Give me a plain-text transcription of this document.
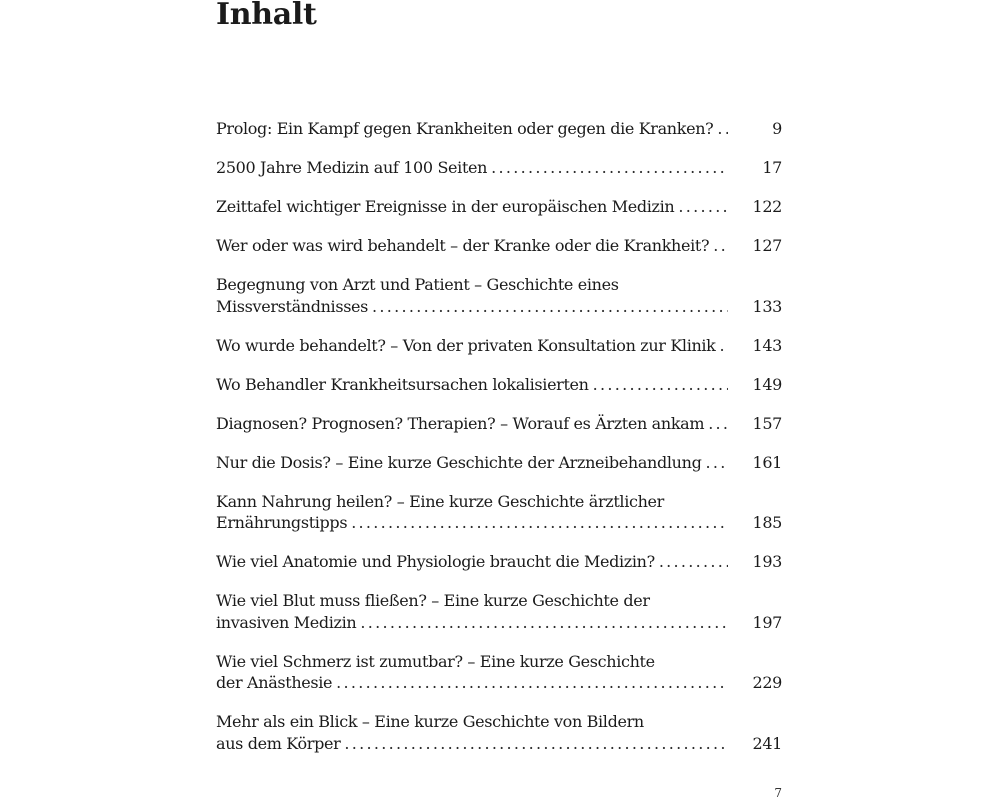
Inhalt
Prolog: Ein Kampf gegen Krankheiten oder gegen die Kranken? . . .	9
2500 Jahre Medizin auf 100 Seiten . . .	17
Zeittafel wichtiger Ereignisse in der europäischen Medizin . . .	122
Wer oder was wird behandelt – der Kranke oder die Krankheit? . . .	127
Begegnung von Arzt und Patient – Geschichte eines
Missverständnisses . . .	133
Wo wurde behandelt? – Von der privaten Konsultation zur Klinik . . .	143
Wo Behandler Krankheitsursachen lokalisierten . . .	149
Diagnosen? Prognosen? Therapien? – Worauf es Ärzten ankam . . .	157
Nur die Dosis? – Eine kurze Geschichte der Arzneibehandlung . . .	161
Kann Nahrung heilen? – Eine kurze Geschichte ärztlicher
Ernährungstipps . . .	185
Wie viel Anatomie und Physiologie braucht die Medizin? . . .	193
Wie viel Blut muss fließen? – Eine kurze Geschichte der
invasiven Medizin . . .	197
Wie viel Schmerz ist zumutbar? – Eine kurze Geschichte
der Anästhesie . . .	229
Mehr als ein Blick – Eine kurze Geschichte von Bildern
aus dem Körper . . .	241
7
